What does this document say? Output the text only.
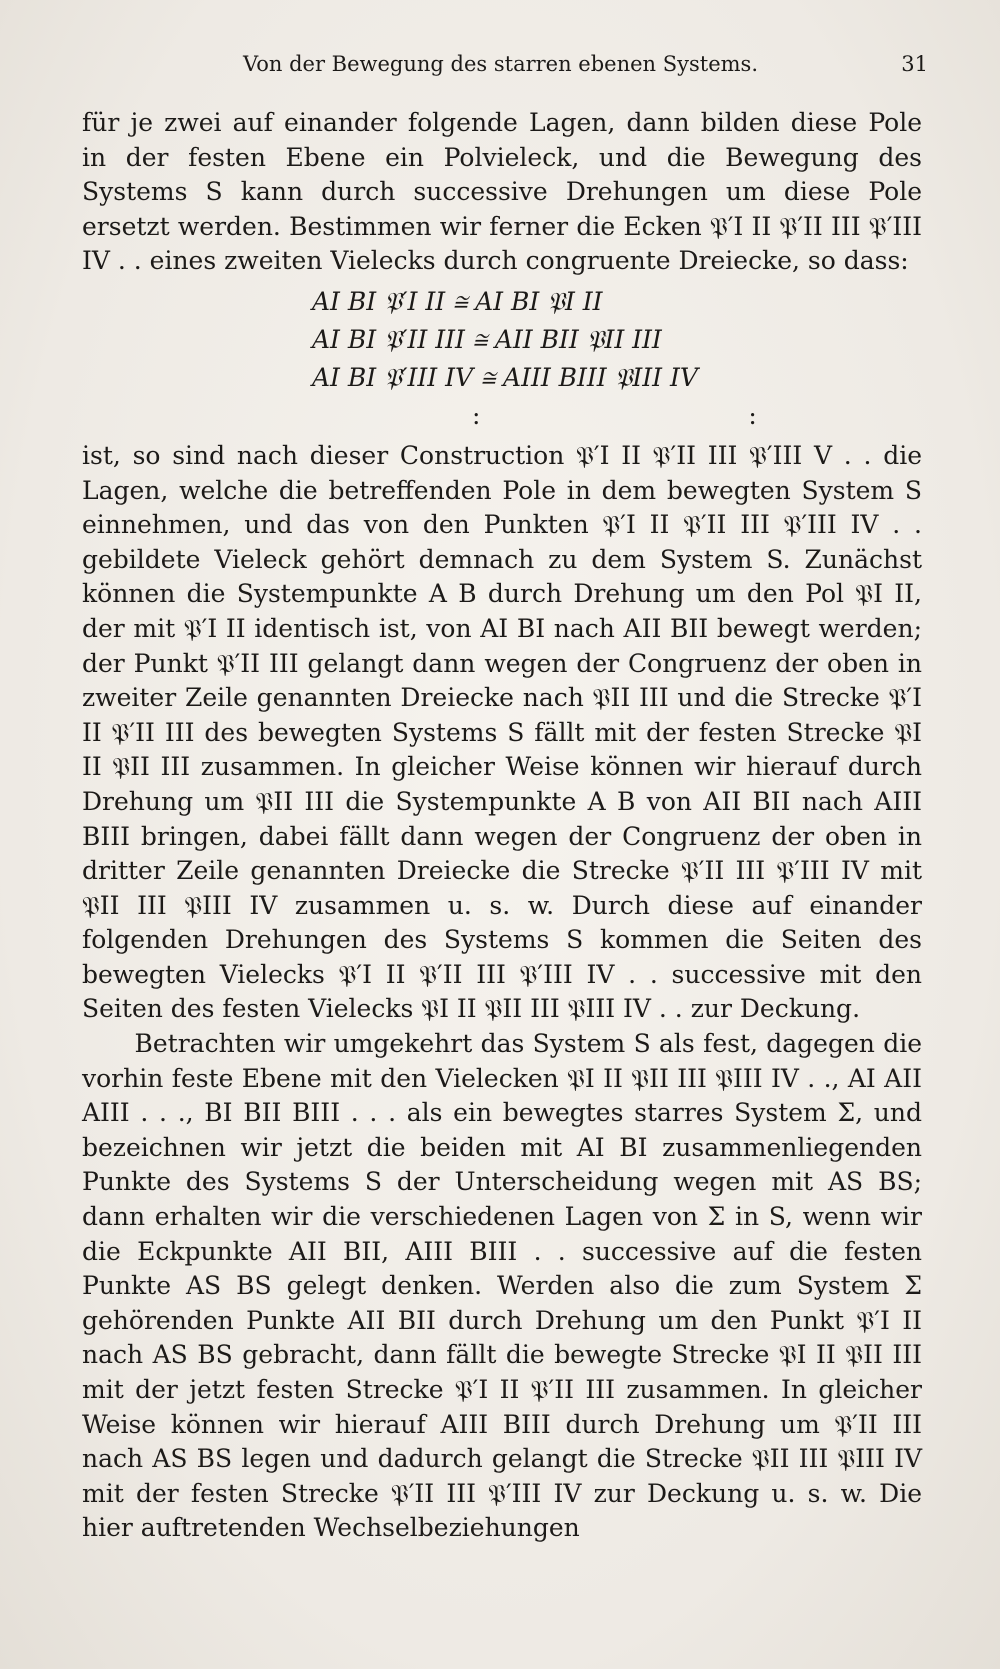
Von der Bewegung des starren ebenen Systems.	31

für je zwei auf einander folgende Lagen, dann bilden diese Pole in der festen Ebene ein Polvieleck, und die Bewegung des Systems S kann durch successive Drehungen um diese Pole ersetzt werden. Bestimmen wir ferner die Ecken 𝔓′I II 𝔓′II III 𝔓′III IV . . eines zweiten Vielecks durch congruente Dreiecke, so dass:

AI BI 𝔓′I II ≅ AI BI 𝔓I II
AI BI 𝔓′II III ≅ AII BII 𝔓II III
AI BI 𝔓′III IV ≅ AIII BIII 𝔓III IV
: :

ist, so sind nach dieser Construction 𝔓′I II 𝔓′II III 𝔓′III V . . die Lagen, welche die betreffenden Pole in dem bewegten System S einnehmen, und das von den Punkten 𝔓′I II 𝔓′II III 𝔓′III IV . . gebildete Vieleck gehört demnach zu dem System S. Zunächst können die Systempunkte A B durch Drehung um den Pol 𝔓I II, der mit 𝔓′I II identisch ist, von AI BI nach AII BII bewegt werden; der Punkt 𝔓′II III gelangt dann wegen der Congruenz der oben in zweiter Zeile genannten Dreiecke nach 𝔓II III und die Strecke 𝔓′I II 𝔓′II III des bewegten Systems S fällt mit der festen Strecke 𝔓I II 𝔓II III zusammen. In gleicher Weise können wir hierauf durch Drehung um 𝔓II III die Systempunkte A B von AII BII nach AIII BIII bringen, dabei fällt dann wegen der Congruenz der oben in dritter Zeile genannten Dreiecke die Strecke 𝔓′II III 𝔓′III IV mit 𝔓II III 𝔓III IV zusammen u. s. w. Durch diese auf einander folgenden Drehungen des Systems S kommen die Seiten des bewegten Vielecks 𝔓′I II 𝔓′II III 𝔓′III IV . . successive mit den Seiten des festen Vielecks 𝔓I II 𝔓II III 𝔓III IV . . zur Deckung.

Betrachten wir umgekehrt das System S als fest, dagegen die vorhin feste Ebene mit den Vielecken 𝔓I II 𝔓II III 𝔓III IV . ., AI AII AIII . . ., BI BII BIII . . . als ein bewegtes starres System Σ, und bezeichnen wir jetzt die beiden mit AI BI zusammenliegenden Punkte des Systems S der Unterscheidung wegen mit AS BS; dann erhalten wir die verschiedenen Lagen von Σ in S, wenn wir die Eckpunkte AII BII, AIII BIII . . successive auf die festen Punkte AS BS gelegt denken. Werden also die zum System Σ gehörenden Punkte AII BII durch Drehung um den Punkt 𝔓′I II nach AS BS gebracht, dann fällt die bewegte Strecke 𝔓I II 𝔓II III mit der jetzt festen Strecke 𝔓′I II 𝔓′II III zusammen. In gleicher Weise können wir hierauf AIII BIII durch Drehung um 𝔓′II III nach AS BS legen und dadurch gelangt die Strecke 𝔓II III 𝔓III IV mit der festen Strecke 𝔓′II III 𝔓′III IV zur Deckung u. s. w. Die hier auftretenden Wechselbeziehungen
